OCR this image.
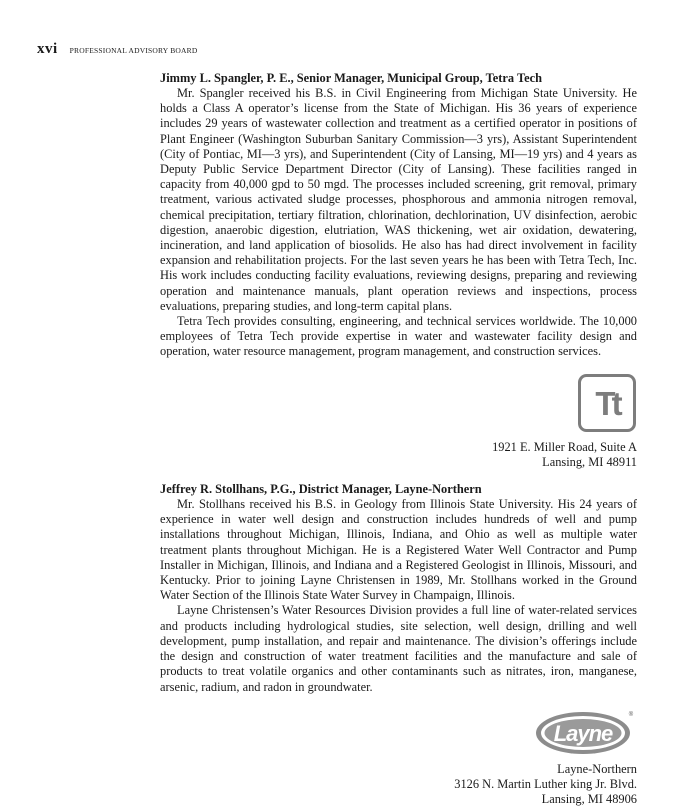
xvi PROFESSIONAL ADVISORY BOARD
Jimmy L. Spangler, P. E., Senior Manager, Municipal Group, Tetra Tech

Mr. Spangler received his B.S. in Civil Engineering from Michigan State University. He holds a Class A operator’s license from the State of Michigan. His 36 years of experience includes 29 years of wastewater collection and treatment as a certified operator in positions of Plant Engineer (Washington Suburban Sanitary Commission—3 yrs), Assistant Superintendent (City of Pontiac, MI—3 yrs), and Superintendent (City of Lansing, MI—19 yrs) and 4 years as Deputy Public Service Department Director (City of Lansing). These facilities ranged in capacity from 40,000 gpd to 50 mgd. The processes included screening, grit removal, primary treatment, various activated sludge processes, phosphorous and ammonia nitrogen removal, chemical precipitation, tertiary filtration, chlorination, dechlorination, UV disinfection, aerobic digestion, anaerobic digestion, elutriation, WAS thickening, wet air oxidation, dewatering, incineration, and land application of biosolids. He also has had direct involvement in facility expansion and rehabilitation projects. For the last seven years he has been with Tetra Tech, Inc. His work includes conducting facility evaluations, reviewing designs, preparing and reviewing operation and maintenance manuals, plant operation reviews and inspections, process evaluations, preparing studies, and long-term capital plans.

Tetra Tech provides consulting, engineering, and technical services worldwide. The 10,000 employees of Tetra Tech provide expertise in water and wastewater facility design and operation, water resource management, program management, and construction services.

Tt
1921 E. Miller Road, Suite A
Lansing, MI 48911
Jeffrey R. Stollhans, P.G., District Manager, Layne-Northern

Mr. Stollhans received his B.S. in Geology from Illinois State University. His 24 years of experience in water well design and construction includes hundreds of well and pump installations throughout Michigan, Illinois, Indiana, and Ohio as well as multiple water treatment plants throughout Michigan. He is a Registered Water Well Contractor and Pump Installer in Michigan, Illinois, and Indiana and a Registered Geologist in Illinois, Missouri, and Kentucky. Prior to joining Layne Christensen in 1989, Mr. Stollhans worked in the Ground Water Section of the Illinois State Water Survey in Champaign, Illinois.

Layne Christensen’s Water Resources Division provides a full line of water-related services and products including hydrological studies, site selection, well design, drilling and well development, pump installation, and repair and maintenance. The division’s offerings include the design and construction of water treatment facilities and the manufacture and sale of products to treat volatile organics and other contaminants such as nitrates, iron, manganese, arsenic, radium, and radon in groundwater.

Layne
®
Layne-Northern
3126 N. Martin Luther king Jr. Blvd.
Lansing, MI 48906
